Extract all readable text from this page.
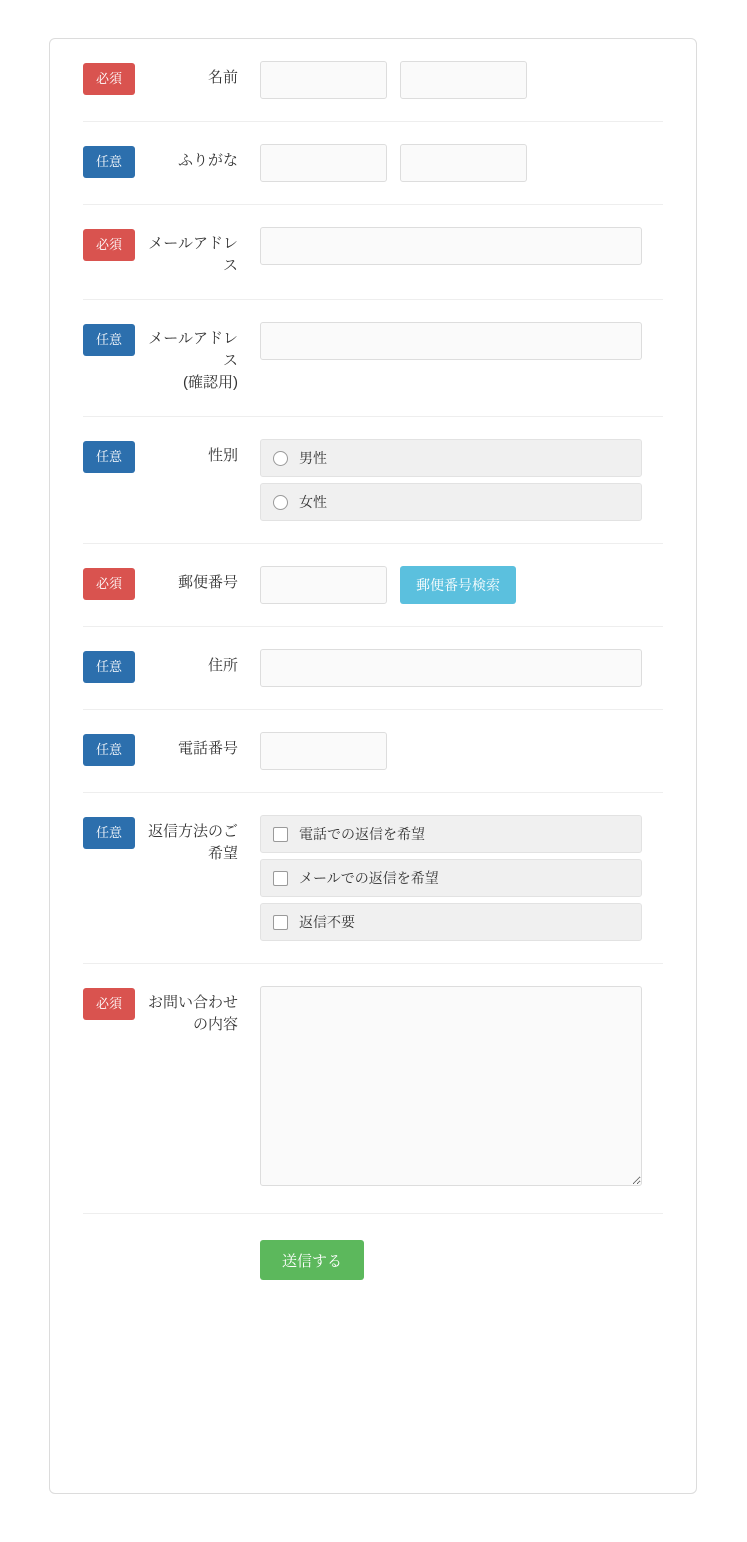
必須	名前
任意	ふりがな
必須	メールアドレス
任意	メールアドレス
(確認用)
任意	性別	男性
女性
必須	郵便番号	郵便番号検索
任意	住所
任意	電話番号
任意	返信方法のご希望
電話での返信を希望
メールでの返信を希望
返信不要
必須	お問い合わせの内容
送信する
